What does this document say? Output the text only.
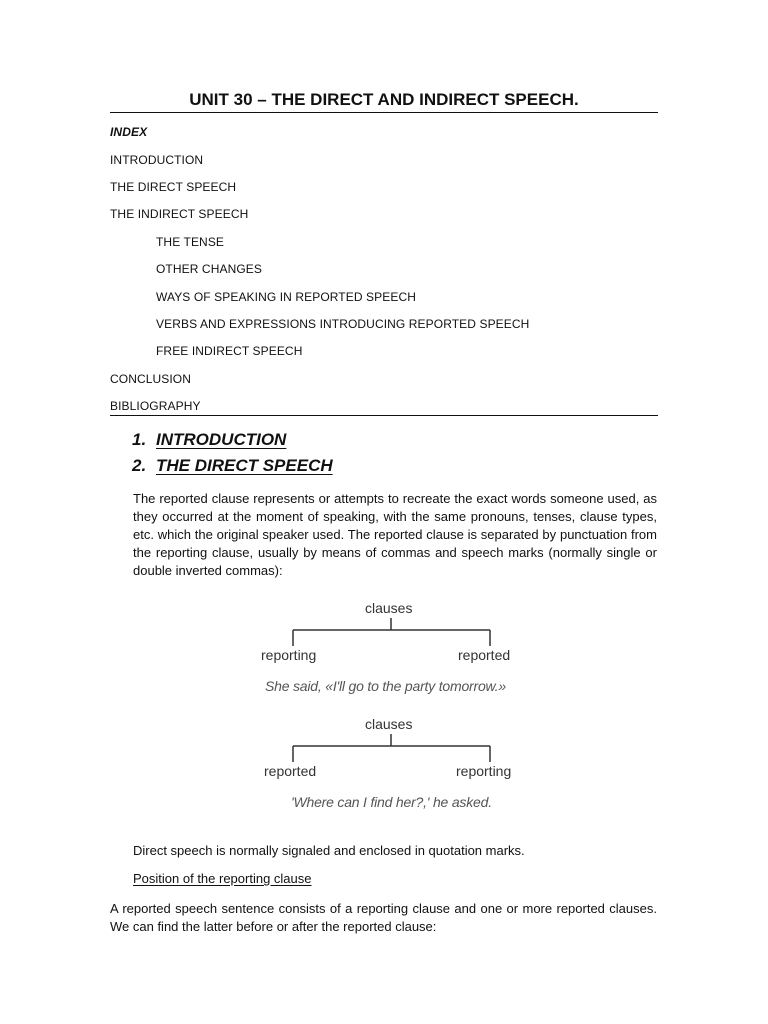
UNIT 30 – THE DIRECT AND INDIRECT SPEECH.
INDEX
INTRODUCTION
THE DIRECT SPEECH
THE INDIRECT SPEECH
THE TENSE
OTHER CHANGES
WAYS OF SPEAKING IN REPORTED SPEECH
VERBS AND EXPRESSIONS INTRODUCING REPORTED SPEECH
FREE INDIRECT SPEECH
CONCLUSION
BIBLIOGRAPHY
1. INTRODUCTION
2. THE DIRECT SPEECH
The reported clause represents or attempts to recreate the exact words someone used, as they occurred at the moment of speaking, with the same pronouns, tenses, clause types, etc. which the original speaker used. The reported clause is separated by punctuation from the reporting clause, usually by means of commas and speech marks (normally single or double inverted commas):
clauses
reporting	reported
She said, «I'll go to the party tomorrow.»
clauses
reported	reporting
'Where can I find her?,' he asked.
Direct speech is normally signaled and enclosed in quotation marks.
Position of the reporting clause
A reported speech sentence consists of a reporting clause and one or more reported clauses. We can find the latter before or after the reported clause:
